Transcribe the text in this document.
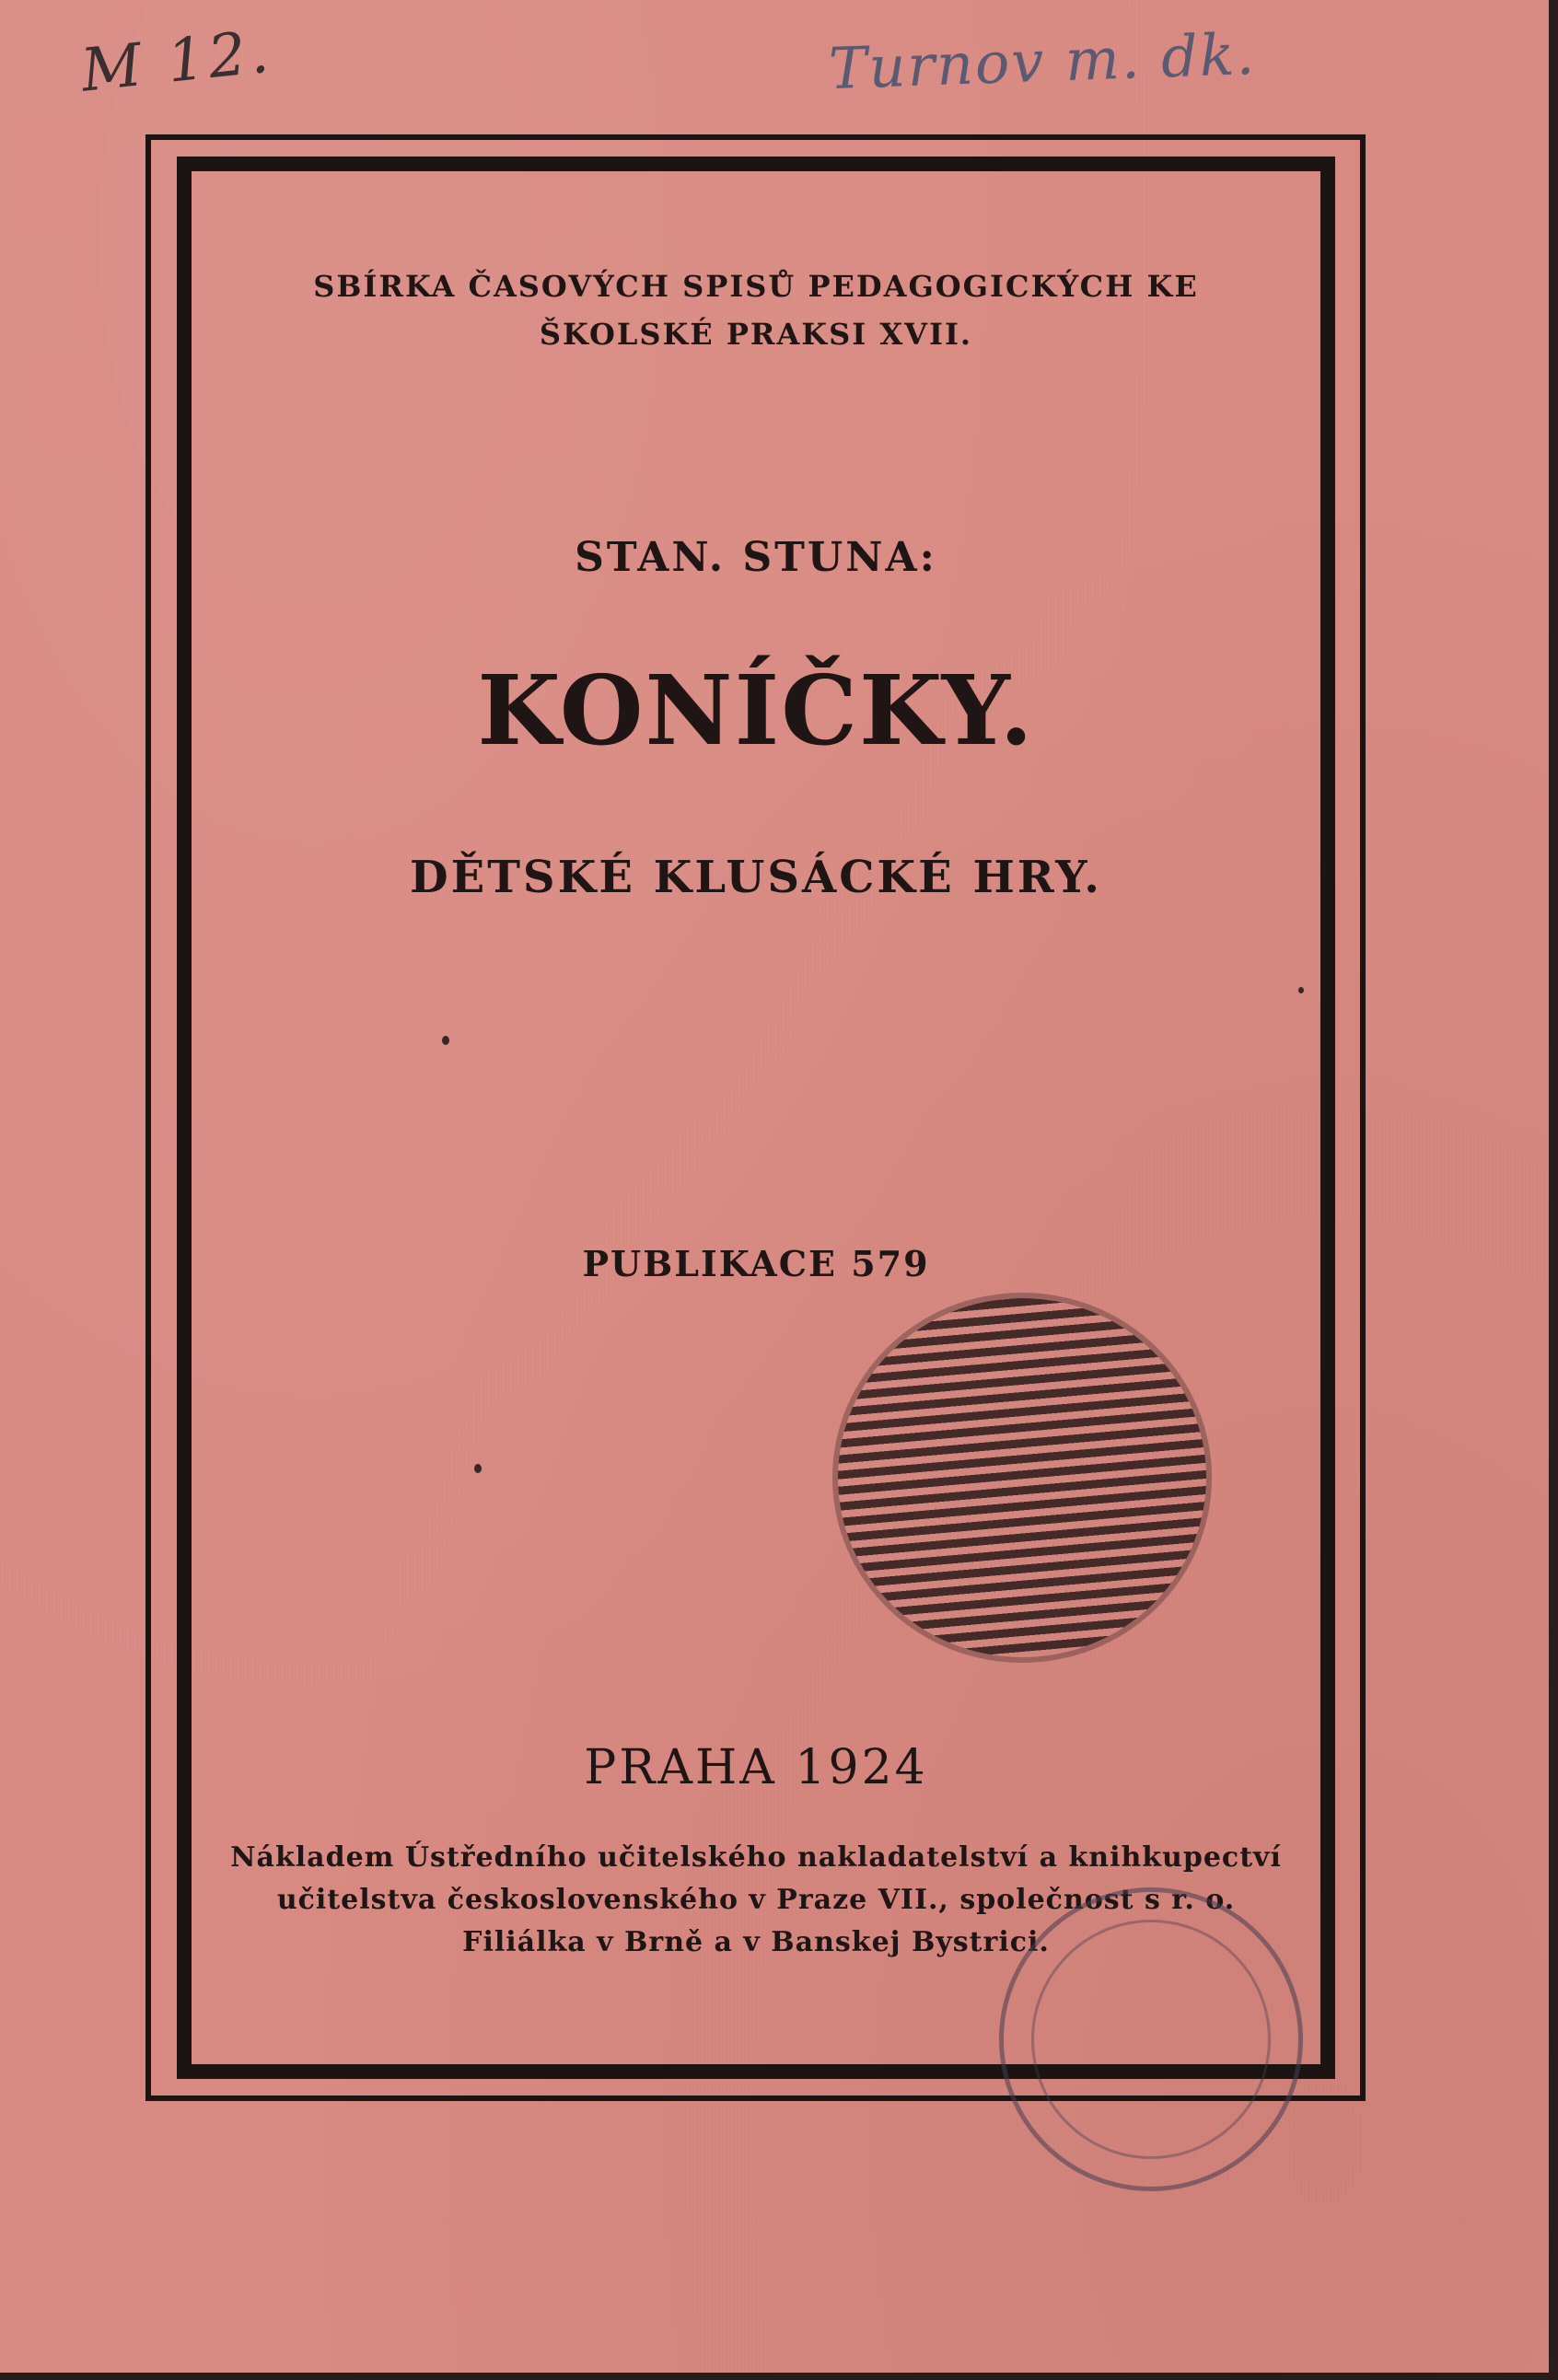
M 12.	Turnov m. dk.
SBÍRKA ČASOVÝCH SPISŮ PEDAGOGICKÝCH KE
ŠKOLSKÉ PRAKSI XVII.
STAN. STUNA:
KONÍČKY.
DĚTSKÉ KLUSÁCKÉ HRY.
PUBLIKACE 579
PRAHA 1924
Nákladem Ústředního učitelského nakladatelství a knihkupectví
učitelstva československého v Praze VII., společnost s r. o.
Filiálka v Brně a v Banskej Bystrici.
